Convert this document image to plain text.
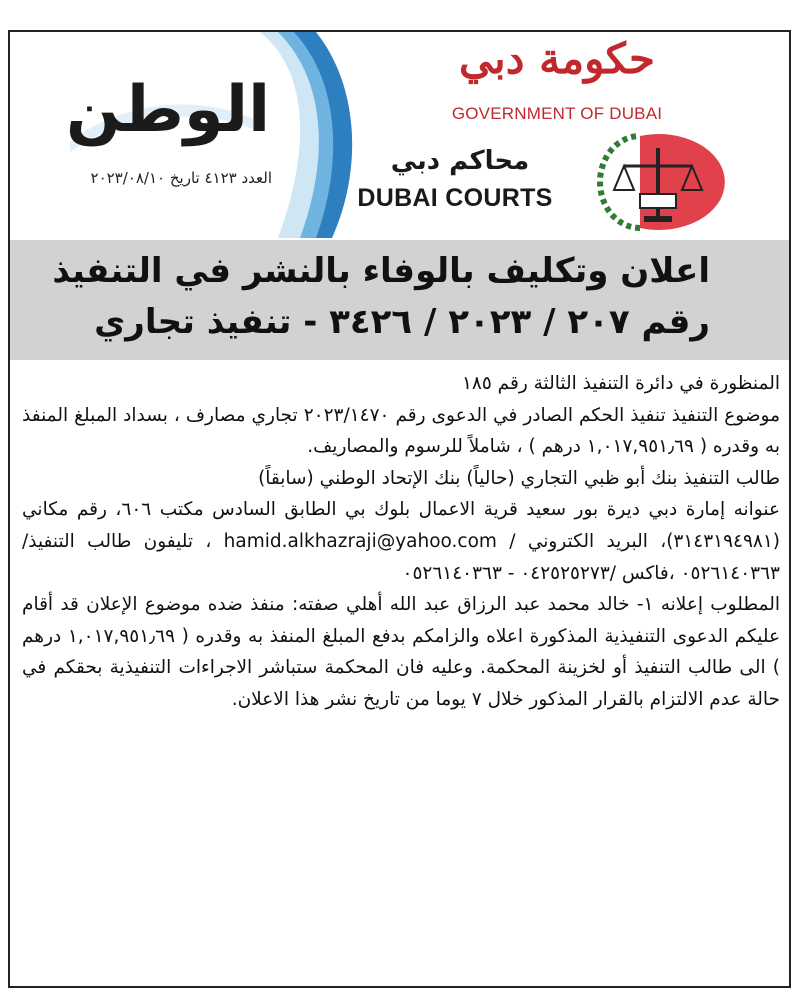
الوطن
العدد ٤١٢٣ تاريخ ٢٠٢٣/٠٨/١٠
حكومة دبي
GOVERNMENT OF DUBAI
محاكم دبي
DUBAI COURTS
اعلان وتكليف بالوفاء بالنشر في التنفيذ
رقم ٢٠٧ / ٢٠٢٣ / ٣٤٢٦ - تنفيذ تجاري

المنظورة في دائرة التنفيذ الثالثة رقم ١٨٥

موضوع التنفيذ تنفيذ الحكم الصادر في الدعوى رقم ٢٠٢٣/١٤٧٠ تجاري مصارف ، بسداد المبلغ المنفذ به وقدره ( ١,٠١٧,٩٥١٫٦٩ درهم ) ، شاملاً للرسوم والمصاريف.

طالب التنفيذ بنك أبو ظبي التجاري (حالياً) بنك الإتحاد الوطني (سابقاً)

عنوانه إمارة دبي ديرة بور سعيد قرية الاعمال بلوك بي الطابق السادس مكتب ٦٠٦، رقم مكاني (٣١٤٣١٩٤٩٨١)، البريد الكتروني / hamid.alkhazraji@yahoo.com ، تليفون طالب التنفيذ/٠٥٢٦١٤٠٣٦٣ ،فاكس /٠٤٢٥٢٥٢٧٣ - ٠٥٢٦١٤٠٣٦٣

المطلوب إعلانه ١- خالد محمد عبد الرزاق عبد الله أهلي صفته: منفذ ضده موضوع الإعلان قد أقام عليكم الدعوى التنفيذية المذكورة اعلاه والزامكم بدفع المبلغ المنفذ به وقدره ( ١,٠١٧,٩٥١٫٦٩ درهم ) الى طالب التنفيذ أو لخزينة المحكمة. وعليه فان المحكمة ستباشر الاجراءات التنفيذية بحقكم في حالة عدم الالتزام بالقرار المذكور خلال ٧ يوما من تاريخ نشر هذا الاعلان.
